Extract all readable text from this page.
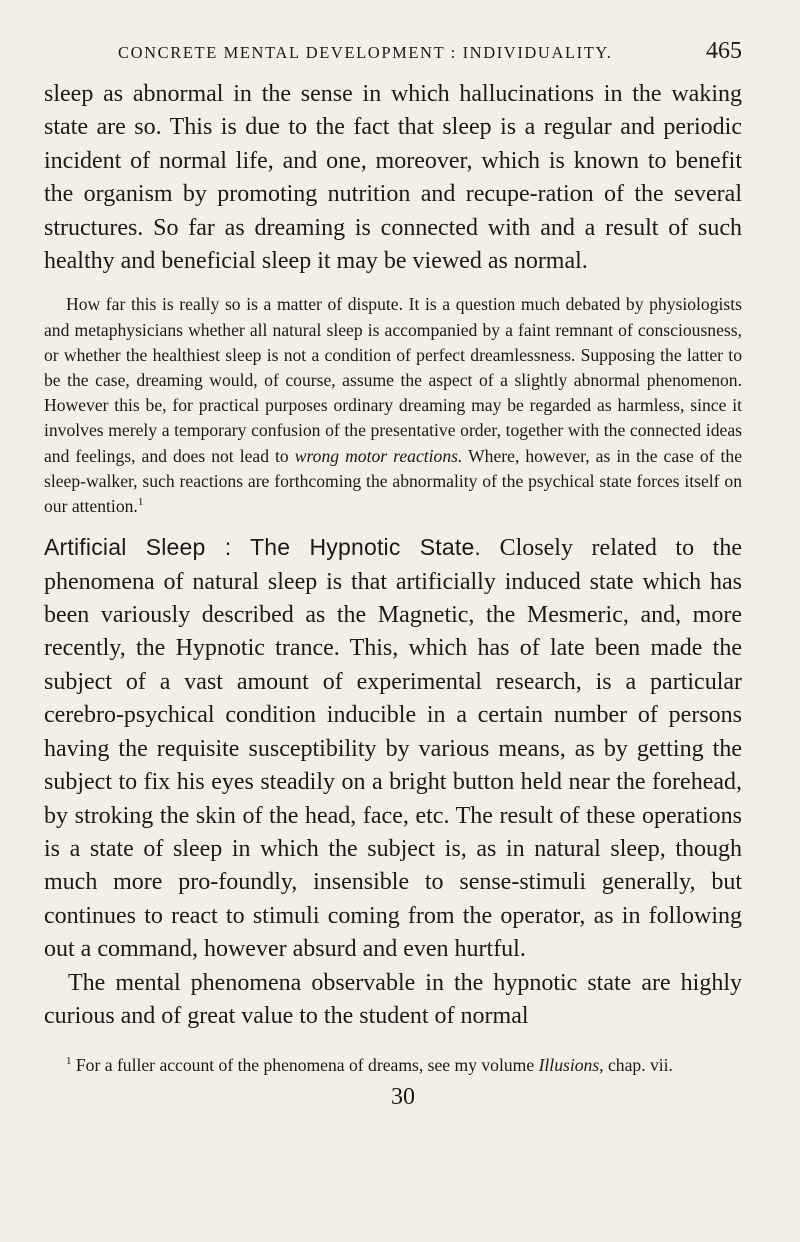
CONCRETE MENTAL DEVELOPMENT : INDIVIDUALITY.	465

sleep as abnormal in the sense in which hallucinations in the waking state are so. This is due to the fact that sleep is a regular and periodic incident of normal life, and one, moreover, which is known to benefit the organism by promoting nutrition and recupe-ration of the several structures. So far as dreaming is connected with and a result of such healthy and beneficial sleep it may be viewed as normal.

How far this is really so is a matter of dispute. It is a question much debated by physiologists and metaphysicians whether all natural sleep is accompanied by a faint remnant of consciousness, or whether the healthiest sleep is not a condition of perfect dreamlessness. Supposing the latter to be the case, dreaming would, of course, assume the aspect of a slightly abnormal phenomenon. However this be, for practical purposes ordinary dreaming may be regarded as harmless, since it involves merely a temporary confusion of the presentative order, together with the connected ideas and feelings, and does not lead to wrong motor reactions. Where, however, as in the case of the sleep-walker, such reactions are forthcoming the abnormality of the psychical state forces itself on our attention.$^1$

Artificial Sleep : The Hypnotic State. Closely related to the phenomena of natural sleep is that artificially induced state which has been variously described as the Magnetic, the Mesmeric, and, more recently, the Hypnotic trance. This, which has of late been made the subject of a vast amount of experimental research, is a particular cerebro-psychical condition inducible in a certain number of persons having the requisite susceptibility by various means, as by getting the subject to fix his eyes steadily on a bright button held near the forehead, by stroking the skin of the head, face, etc. The result of these operations is a state of sleep in which the subject is, as in natural sleep, though much more pro-foundly, insensible to sense-stimuli generally, but continues to react to stimuli coming from the operator, as in following out a command, however absurd and even hurtful.

The mental phenomena observable in the hypnotic state are highly curious and of great value to the student of normal

$^1$ For a fuller account of the phenomena of dreams, see my volume Illusions, chap. vii.

30
